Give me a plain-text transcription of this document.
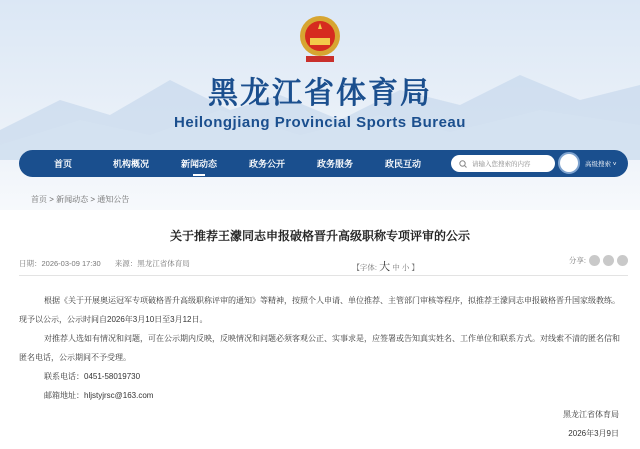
黑龙江省体育局
Heilongjiang Provincial Sports Bureau
首页	机构概况	新闻动态	政务公开	政务服务	政民互动	请输入您搜索的内容	高级搜索 ˅
首页 > 新闻动态 > 通知公告
关于推荐王濛同志申报破格晋升高级职称专项评审的公示
日期：2026-03-09 17:30 来源：黑龙江省体育局	【字体: 大 中 小 】
分享:

根据《关于开展奥运冠军专项破格晋升高级职称评审的通知》等精神，按照个人申请、单位推荐、主管部门审核等程序，拟推荐王濛同志申报破格晋升国家级教练。现予以公示，公示时间自2026年3月10日至3月12日。

对推荐人选如有情况和问题，可在公示期内反映，反映情况和问题必须客观公正、实事求是，应签署或告知真实姓名、工作单位和联系方式。对线索不清的匿名信和匿名电话，公示期间不予受理。

联系电话：0451-58019730

邮箱地址：hljstyjrsc@163.com

黑龙江省体育局

2026年3月9日
